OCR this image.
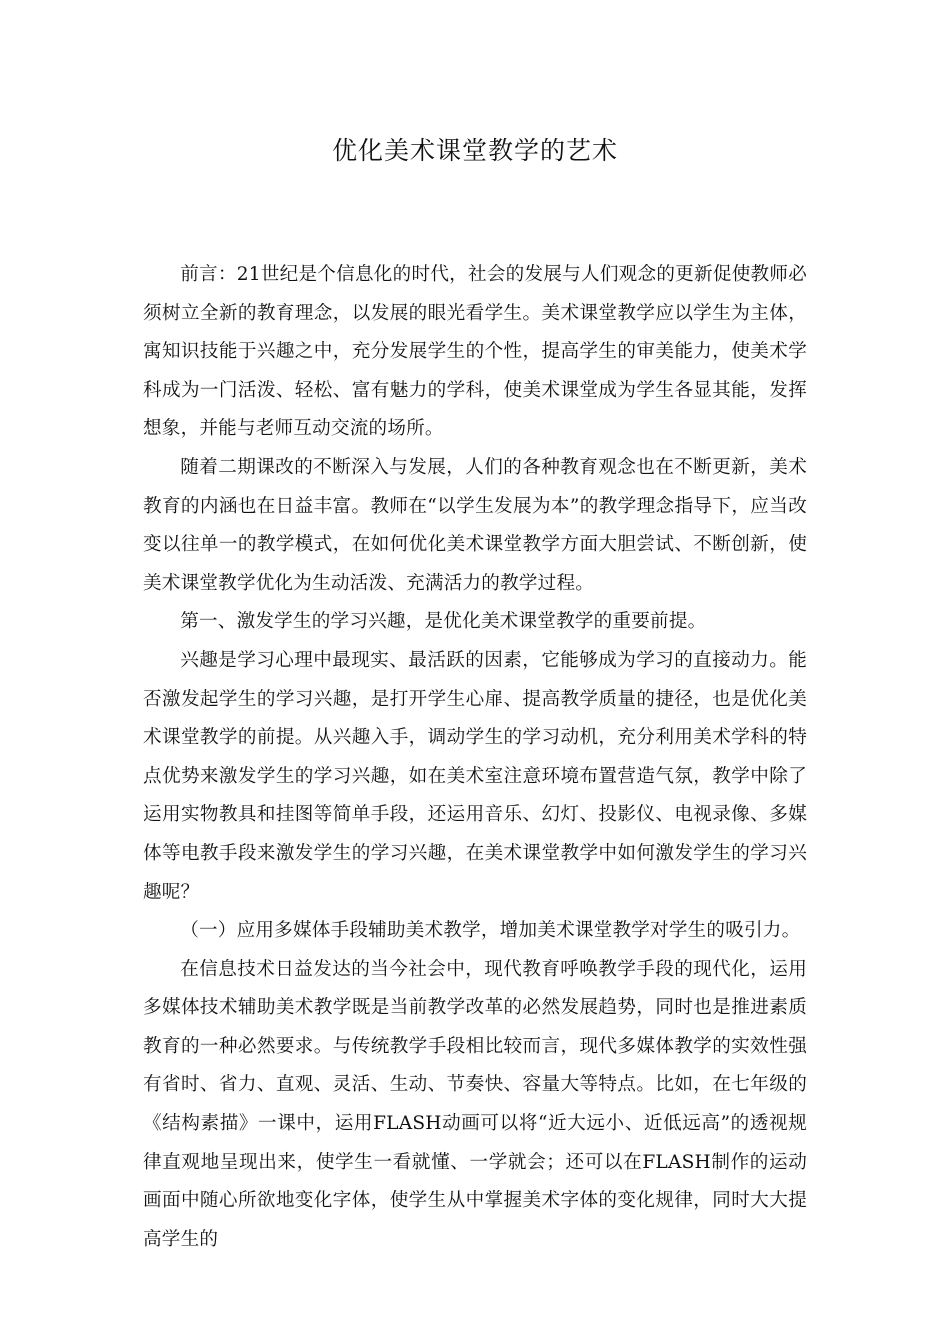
优化美术课堂教学的艺术

前言：21世纪是个信息化的时代，社会的发展与人们观念的更新促使教师必须树立全新的教育理念，以发展的眼光看学生。美术课堂教学应以学生为主体，寓知识技能于兴趣之中，充分发展学生的个性，提高学生的审美能力，使美术学科成为一门活泼、轻松、富有魅力的学科，使美术课堂成为学生各显其能，发挥想象，并能与老师互动交流的场所。

随着二期课改的不断深入与发展，人们的各种教育观念也在不断更新，美术教育的内涵也在日益丰富。教师在“以学生发展为本”的教学理念指导下，应当改变以往单一的教学模式，在如何优化美术课堂教学方面大胆尝试、不断创新，使美术课堂教学优化为生动活泼、充满活力的教学过程。

第一、激发学生的学习兴趣，是优化美术课堂教学的重要前提。

兴趣是学习心理中最现实、最活跃的因素，它能够成为学习的直接动力。能否激发起学生的学习兴趣，是打开学生心扉、提高教学质量的捷径，也是优化美术课堂教学的前提。从兴趣入手，调动学生的学习动机，充分利用美术学科的特点优势来激发学生的学习兴趣，如在美术室注意环境布置营造气氛，教学中除了运用实物教具和挂图等简单手段，还运用音乐、幻灯、投影仪、电视录像、多媒体等电教手段来激发学生的学习兴趣，在美术课堂教学中如何激发学生的学习兴趣呢？

（一）应用多媒体手段辅助美术教学，增加美术课堂教学对学生的吸引力。

在信息技术日益发达的当今社会中，现代教育呼唤教学手段的现代化，运用多媒体技术辅助美术教学既是当前教学改革的必然发展趋势，同时也是推进素质教育的一种必然要求。与传统教学手段相比较而言，现代多媒体教学的实效性强有省时、省力、直观、灵活、生动、节奏快、容量大等特点。比如，在七年级的《结构素描》一课中，运用FLASH动画可以将“近大远小、近低远高”的透视规律直观地呈现出来，使学生一看就懂、一学就会；还可以在FLASH制作的运动画面中随心所欲地变化字体，使学生从中掌握美术字体的变化规律，同时大大提高学生的
